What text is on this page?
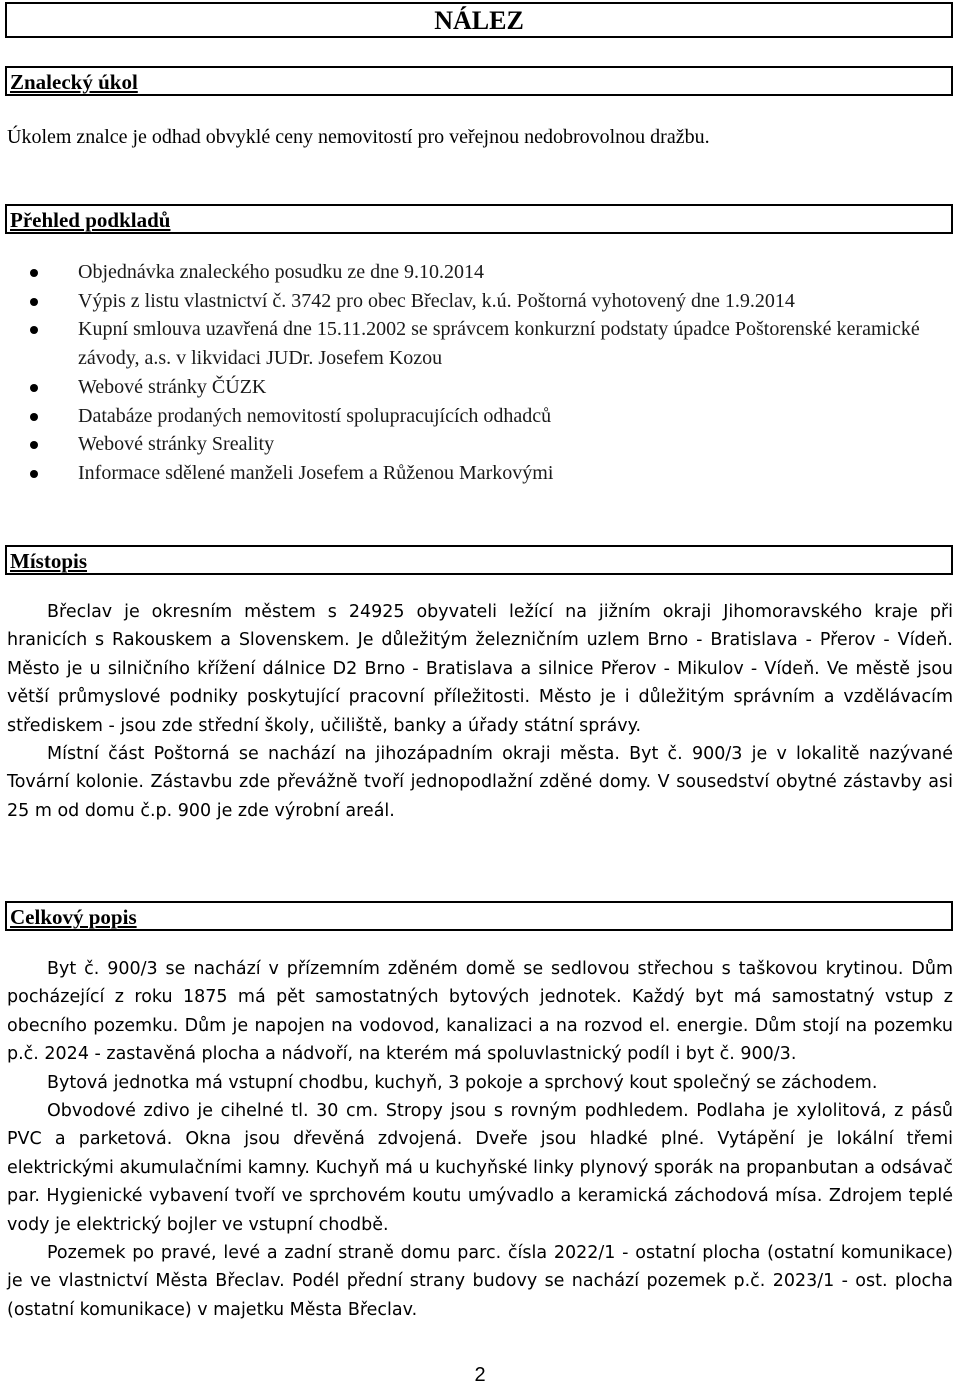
NÁLEZ
Znalecký úkol
Úkolem znalce je odhad obvyklé ceny nemovitostí pro veřejnou nedobrovolnou dražbu.
Přehled podkladů
Objednávka znaleckého posudku ze dne 9.10.2014
Výpis z listu vlastnictví č. 3742 pro obec Břeclav, k.ú. Poštorná vyhotovený dne 1.9.2014
Kupní smlouva uzavřená dne 15.11.2002 se správcem konkurzní podstaty úpadce Poštorenské keramické závody, a.s. v likvidaci JUDr. Josefem Kozou
Webové stránky ČÚZK
Databáze prodaných nemovitostí spolupracujících odhadců
Webové stránky Sreality
Informace sdělené manželi Josefem a Růženou Markovými
Místopis

Břeclav je okresním městem s 24925 obyvateli ležící na jižním okraji Jihomoravského kraje při hranicích s Rakouskem a Slovenskem. Je důležitým železničním uzlem Brno - Bratislava - Přerov - Vídeň. Město je u silničního křížení dálnice D2 Brno - Bratislava a silnice Přerov - Mikulov - Vídeň. Ve městě jsou větší průmyslové podniky poskytující pracovní příležitosti. Město je i důležitým správním a vzdělávacím střediskem - jsou zde střední školy, učiliště, banky a úřady státní správy.

Místní část Poštorná se nachází na jihozápadním okraji města. Byt č. 900/3 je v lokalitě nazývané Tovární kolonie. Zástavbu zde převážně tvoří jednopodlažní zděné domy. V sousedství obytné zástavby asi 25 m od domu č.p. 900 je zde výrobní areál.

Celkový popis

Byt č. 900/3 se nachází v přízemním zděném domě se sedlovou střechou s taškovou krytinou. Dům pocházející z roku 1875 má pět samostatných bytových jednotek. Každý byt má samostatný vstup z obecního pozemku. Dům je napojen na vodovod, kanalizaci a na rozvod el. energie. Dům stojí na pozemku p.č. 2024 - zastavěná plocha a nádvoří, na kterém má spoluvlastnický podíl i byt č. 900/3.

Bytová jednotka má vstupní chodbu, kuchyň, 3 pokoje a sprchový kout společný se záchodem.

Obvodové zdivo je cihelné tl. 30 cm. Stropy jsou s rovným podhledem. Podlaha je xylolitová, z pásů PVC a parketová. Okna jsou dřevěná zdvojená. Dveře jsou hladké plné. Vytápění je lokální třemi elektrickými akumulačními kamny. Kuchyň má u kuchyňské linky plynový sporák na propanbutan a odsávač par. Hygienické vybavení tvoří ve sprchovém koutu umývadlo a keramická záchodová mísa. Zdrojem teplé vody je elektrický bojler ve vstupní chodbě.

Pozemek po pravé, levé a zadní straně domu parc. čísla 2022/1 - ostatní plocha (ostatní komunikace) je ve vlastnictví Města Břeclav. Podél přední strany budovy se nachází pozemek p.č. 2023/1 - ost. plocha (ostatní komunikace) v majetku Města Břeclav.

2
